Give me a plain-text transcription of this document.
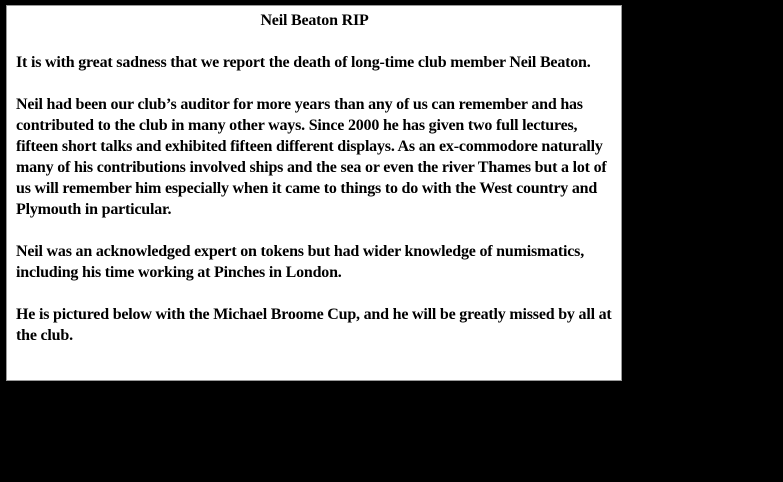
Neil Beaton RIP

It is with great sadness that we report the death of long-time club member Neil Beaton.

Neil had been our club’s auditor for more years than any of us can remember and has contributed to the club in many other ways. Since 2000 he has given two full lectures, fifteen short talks and exhibited fifteen different displays. As an ex-commodore naturally many of his contributions involved ships and the sea or even the river Thames but a lot of us will remember him especially when it came to things to do with the West country and Plymouth in particular.

Neil was an acknowledged expert on tokens but had wider knowledge of numismatics, including his time working at Pinches in London.

He is pictured below with the Michael Broome Cup, and he will be greatly missed by all at the club.
